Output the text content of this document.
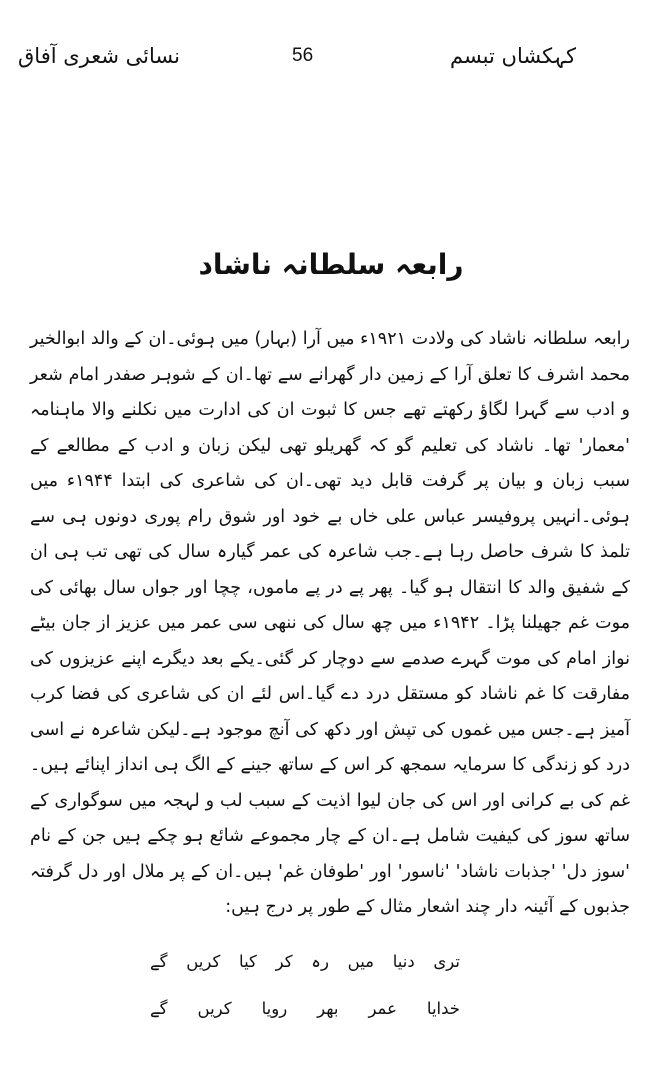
نسائی شعری آفاق	56	کہکشاں تبسم
رابعہ سلطانہ ناشاد

رابعہ سلطانہ ناشاد کی ولادت ۱۹۲۱ء میں آرا (بہار) میں ہوئی۔ان کے والد ابوالخیر محمد اشرف کا تعلق آرا کے زمین دار گھرانے سے تھا۔ان کے شوہر صفدر امام شعر و ادب سے گہرا لگاؤ رکھتے تھے جس کا ثبوت ان کی ادارت میں نکلنے والا ماہنامہ 'معمار' تھا۔ ناشاد کی تعلیم گو کہ گھریلو تھی لیکن زبان و ادب کے مطالعے کے سبب زبان و بیان پر گرفت قابل دید تھی۔ان کی شاعری کی ابتدا ۱۹۴۴ء میں ہوئی۔انہیں پروفیسر عباس علی خاں بے خود اور شوق رام پوری دونوں ہی سے تلمذ کا شرف حاصل رہا ہے۔جب شاعرہ کی عمر گیارہ سال کی تھی تب ہی ان کے شفیق والد کا انتقال ہو گیا۔ پھر پے در پے ماموں، چچا اور جواں سال بھائی کی موت غم جھیلنا پڑا۔ ۱۹۴۲ء میں چھ سال کی ننھی سی عمر میں عزیز از جان بیٹے نواز امام کی موت گہرے صدمے سے دوچار کر گئی۔یکے بعد دیگرے اپنے عزیزوں کی مفارقت کا غم ناشاد کو مستقل درد دے گیا۔اس لئے ان کی شاعری کی فضا کرب آمیز ہے۔جس میں غموں کی تپش اور دکھ کی آنچ موجود ہے۔لیکن شاعرہ نے اسی درد کو زندگی کا سرمایہ سمجھ کر اس کے ساتھ جینے کے الگ ہی انداز اپنائے ہیں۔غم کی بے کرانی اور اس کی جان لیوا اذیت کے سبب لب و لہجہ میں سوگواری کے ساتھ سوز کی کیفیت شامل ہے۔ان کے چار مجموعے شائع ہو چکے ہیں جن کے نام 'سوز دل' 'جذبات ناشاد' 'ناسور' اور 'طوفان غم' ہیں۔ان کے پر ملال اور دل گرفتہ جذبوں کے آئینہ دار چند اشعار مثال کے طور پر درج ہیں:

تری دنیا میں رہ کر کیا کریں گے
خدایا عمر بھر رویا کریں گے
